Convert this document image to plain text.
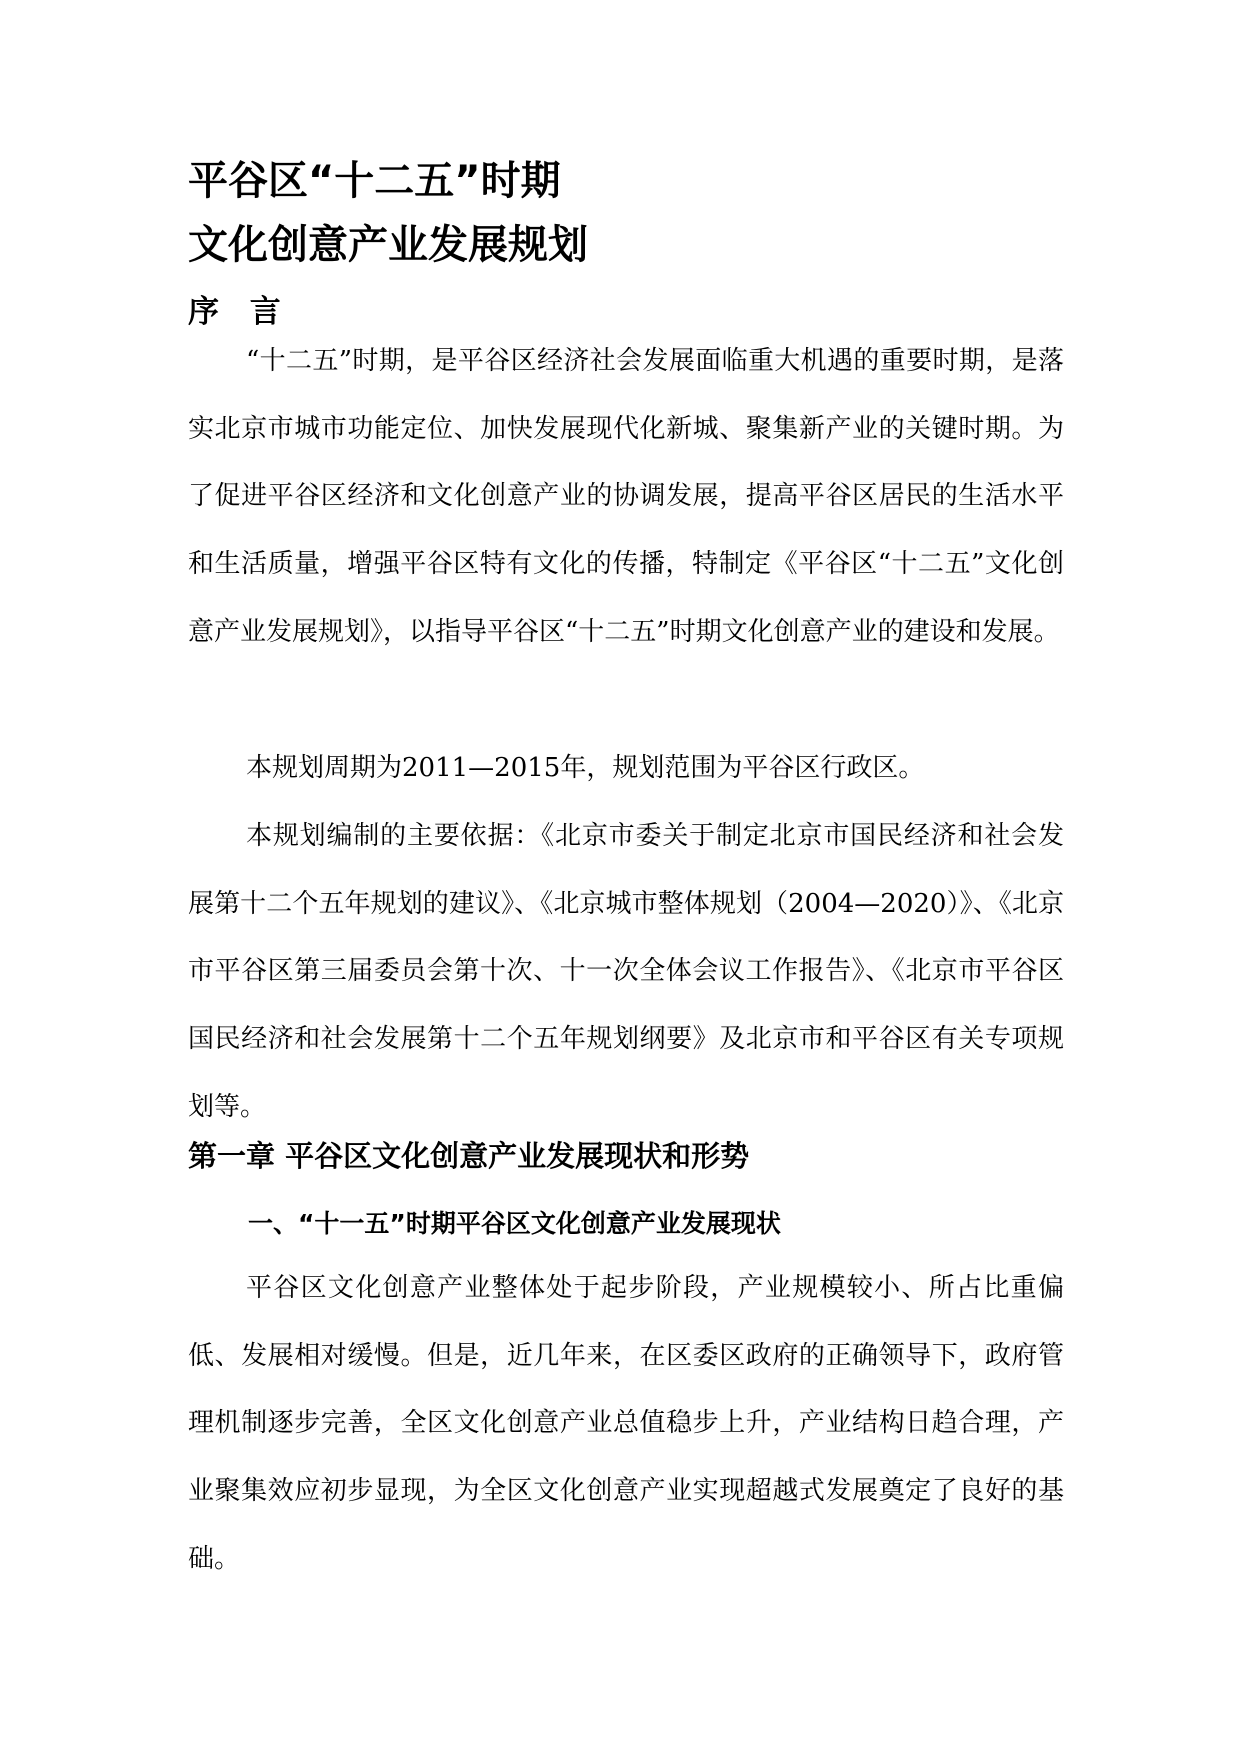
平谷区“十二五”时期
文化创意产业发展规划
序 言

“十二五”时期，是平谷区经济社会发展面临重大机遇的重要时期，是落实北京市城市功能定位、加快发展现代化新城、聚集新产业的关键时期。为了促进平谷区经济和文化创意产业的协调发展，提高平谷区居民的生活水平和生活质量，增强平谷区特有文化的传播，特制定《平谷区“十二五”文化创意产业发展规划》，以指导平谷区“十二五”时期文化创意产业的建设和发展。

本规划周期为2011—2015年，规划范围为平谷区行政区。

本规划编制的主要依据：《北京市委关于制定北京市国民经济和社会发展第十二个五年规划的建议》、《北京城市整体规划（2004—2020）》、《北京市平谷区第三届委员会第十次、十一次全体会议工作报告》、《北京市平谷区国民经济和社会发展第十二个五年规划纲要》及北京市和平谷区有关专项规划等。

第一章 平谷区文化创意产业发展现状和形势
一、“十一五”时期平谷区文化创意产业发展现状

平谷区文化创意产业整体处于起步阶段，产业规模较小、所占比重偏低、发展相对缓慢。但是，近几年来，在区委区政府的正确领导下，政府管理机制逐步完善，全区文化创意产业总值稳步上升，产业结构日趋合理，产业聚集效应初步显现，为全区文化创意产业实现超越式发展奠定了良好的基础。
